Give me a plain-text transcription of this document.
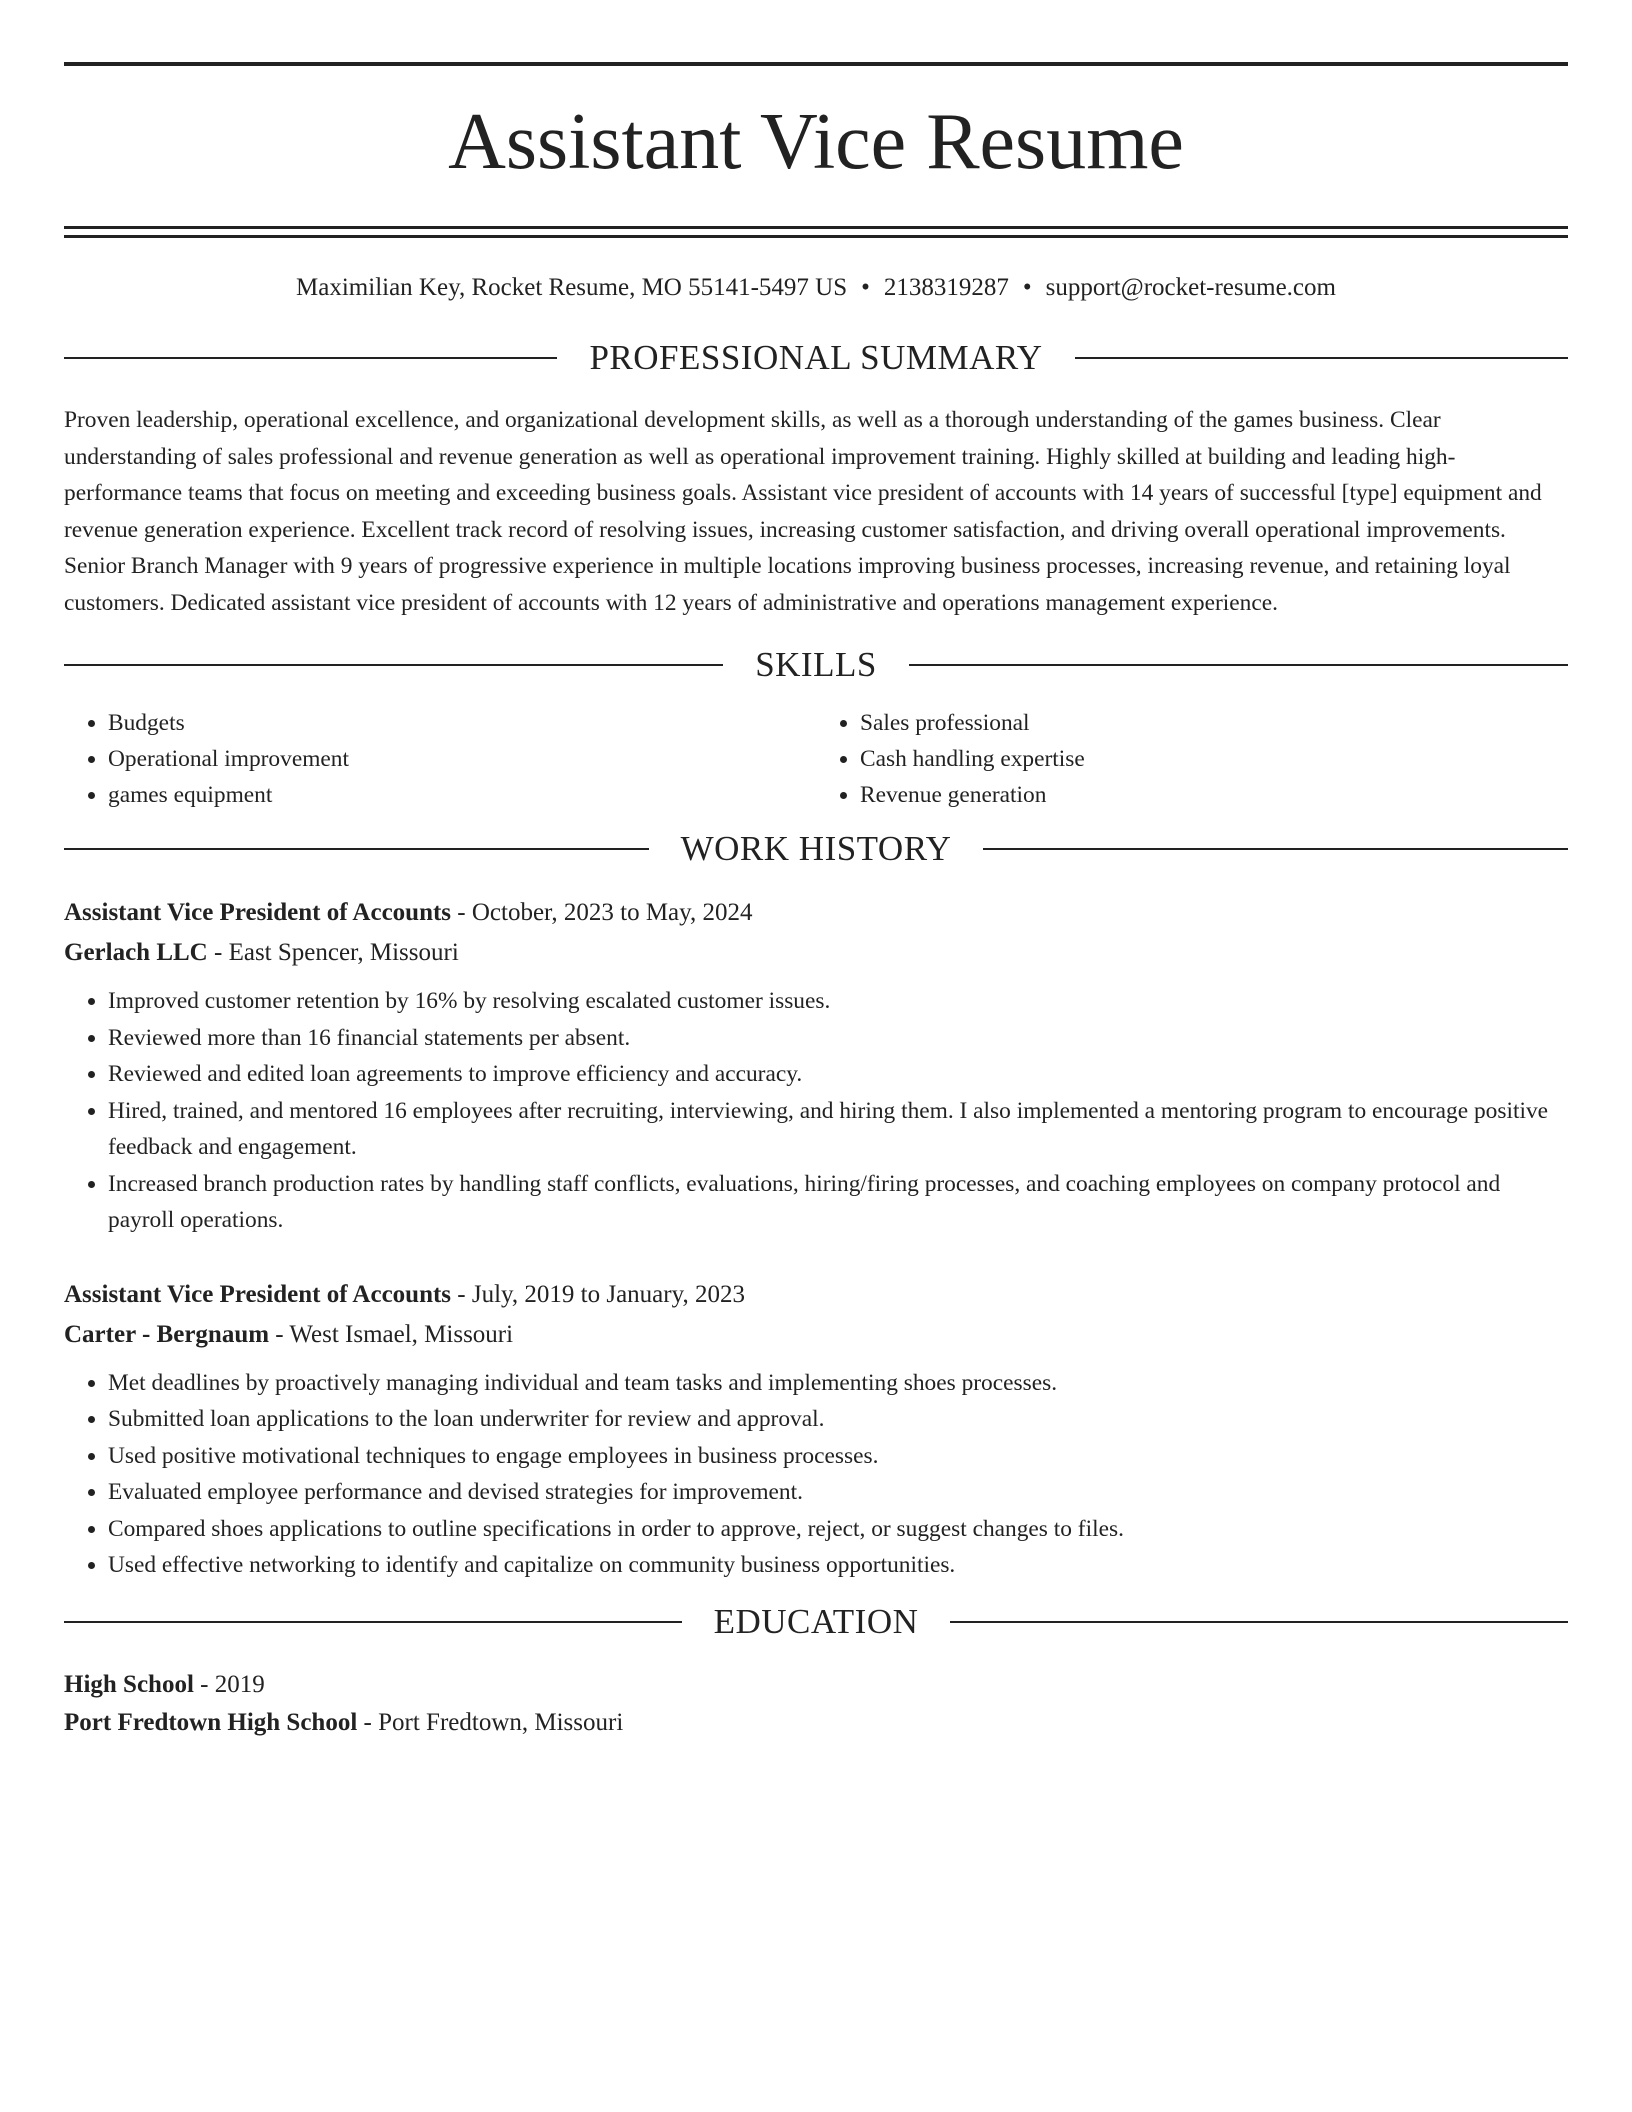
Assistant Vice Resume
Maximilian Key, Rocket Resume, MO 55141-5497 US • 2138319287 • support@rocket-resume.com
PROFESSIONAL SUMMARY
Proven leadership, operational excellence, and organizational development skills, as well as a thorough understanding of the games business. Clear understanding of sales professional and revenue generation as well as operational improvement training. Highly skilled at building and leading high-performance teams that focus on meeting and exceeding business goals. Assistant vice president of accounts with 14 years of successful [type] equipment and revenue generation experience. Excellent track record of resolving issues, increasing customer satisfaction, and driving overall operational improvements. Senior Branch Manager with 9 years of progressive experience in multiple locations improving business processes, increasing revenue, and retaining loyal customers. Dedicated assistant vice president of accounts with 12 years of administrative and operations management experience.
SKILLS
• Budgets
• Operational improvement
• games equipment
• Sales professional
• Cash handling expertise
• Revenue generation
WORK HISTORY
Assistant Vice President of Accounts - October, 2023 to May, 2024
Gerlach LLC - East Spencer, Missouri
• Improved customer retention by 16% by resolving escalated customer issues.
• Reviewed more than 16 financial statements per absent.
• Reviewed and edited loan agreements to improve efficiency and accuracy.
• Hired, trained, and mentored 16 employees after recruiting, interviewing, and hiring them. I also implemented a mentoring program to encourage positive feedback and engagement.
• Increased branch production rates by handling staff conflicts, evaluations, hiring/firing processes, and coaching employees on company protocol and payroll operations.
Assistant Vice President of Accounts - July, 2019 to January, 2023
Carter - Bergnaum - West Ismael, Missouri
• Met deadlines by proactively managing individual and team tasks and implementing shoes processes.
• Submitted loan applications to the loan underwriter for review and approval.
• Used positive motivational techniques to engage employees in business processes.
• Evaluated employee performance and devised strategies for improvement.
• Compared shoes applications to outline specifications in order to approve, reject, or suggest changes to files.
• Used effective networking to identify and capitalize on community business opportunities.
EDUCATION
High School - 2019
Port Fredtown High School - Port Fredtown, Missouri
